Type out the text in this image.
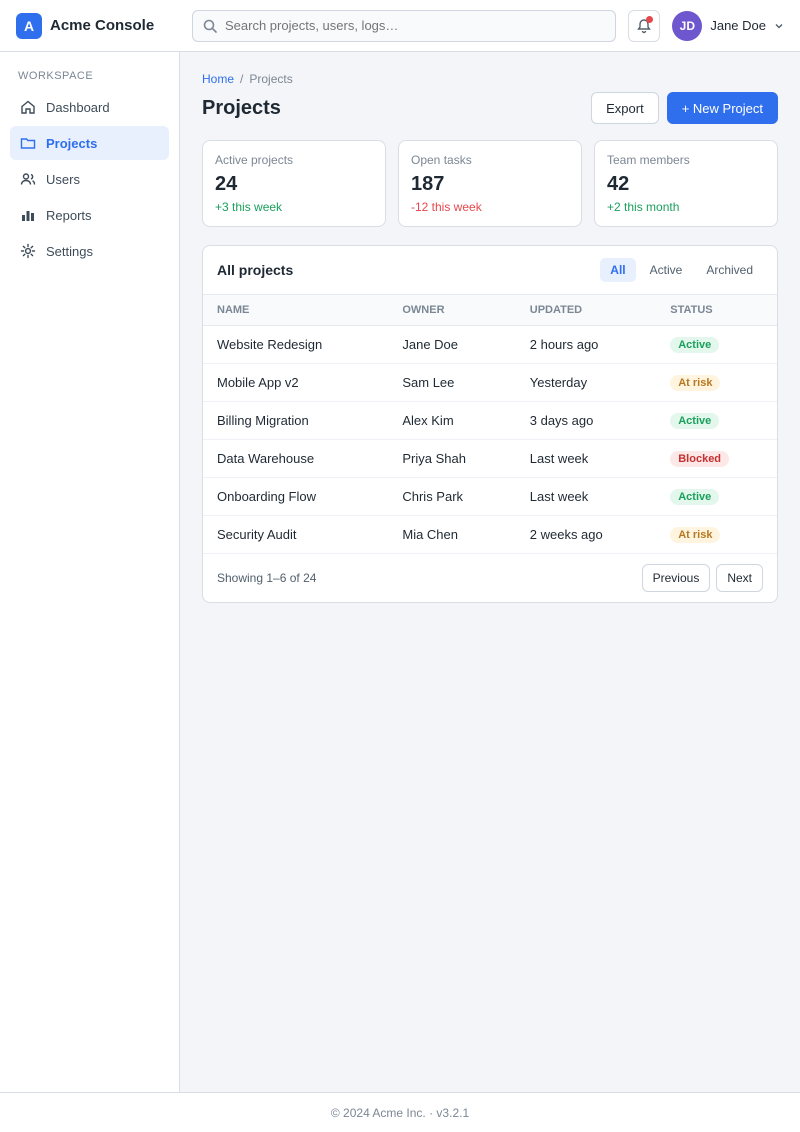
A	Acme Console
Search projects, users, logs…	JD	Jane Doe
WORKSPACE
Dashboard
Projects
Users
Reports
Settings
Home / Projects
Projects	Export	+ New Project
Active projects
24
+3 this week
Open tasks
187
-12 this week
Team members
42
+2 this month
All projects	All	Active	Archived
NAME	OWNER	UPDATED	STATUS
Website Redesign	Jane Doe	2 hours ago	Active
Mobile App v2	Sam Lee	Yesterday	At risk
Billing Migration	Alex Kim	3 days ago	Active
Data Warehouse	Priya Shah	Last week	Blocked
Onboarding Flow	Chris Park	Last week	Active
Security Audit	Mia Chen	2 weeks ago	At risk
Showing 1–6 of 24	Previous	Next
© 2024 Acme Inc. · v3.2.1
